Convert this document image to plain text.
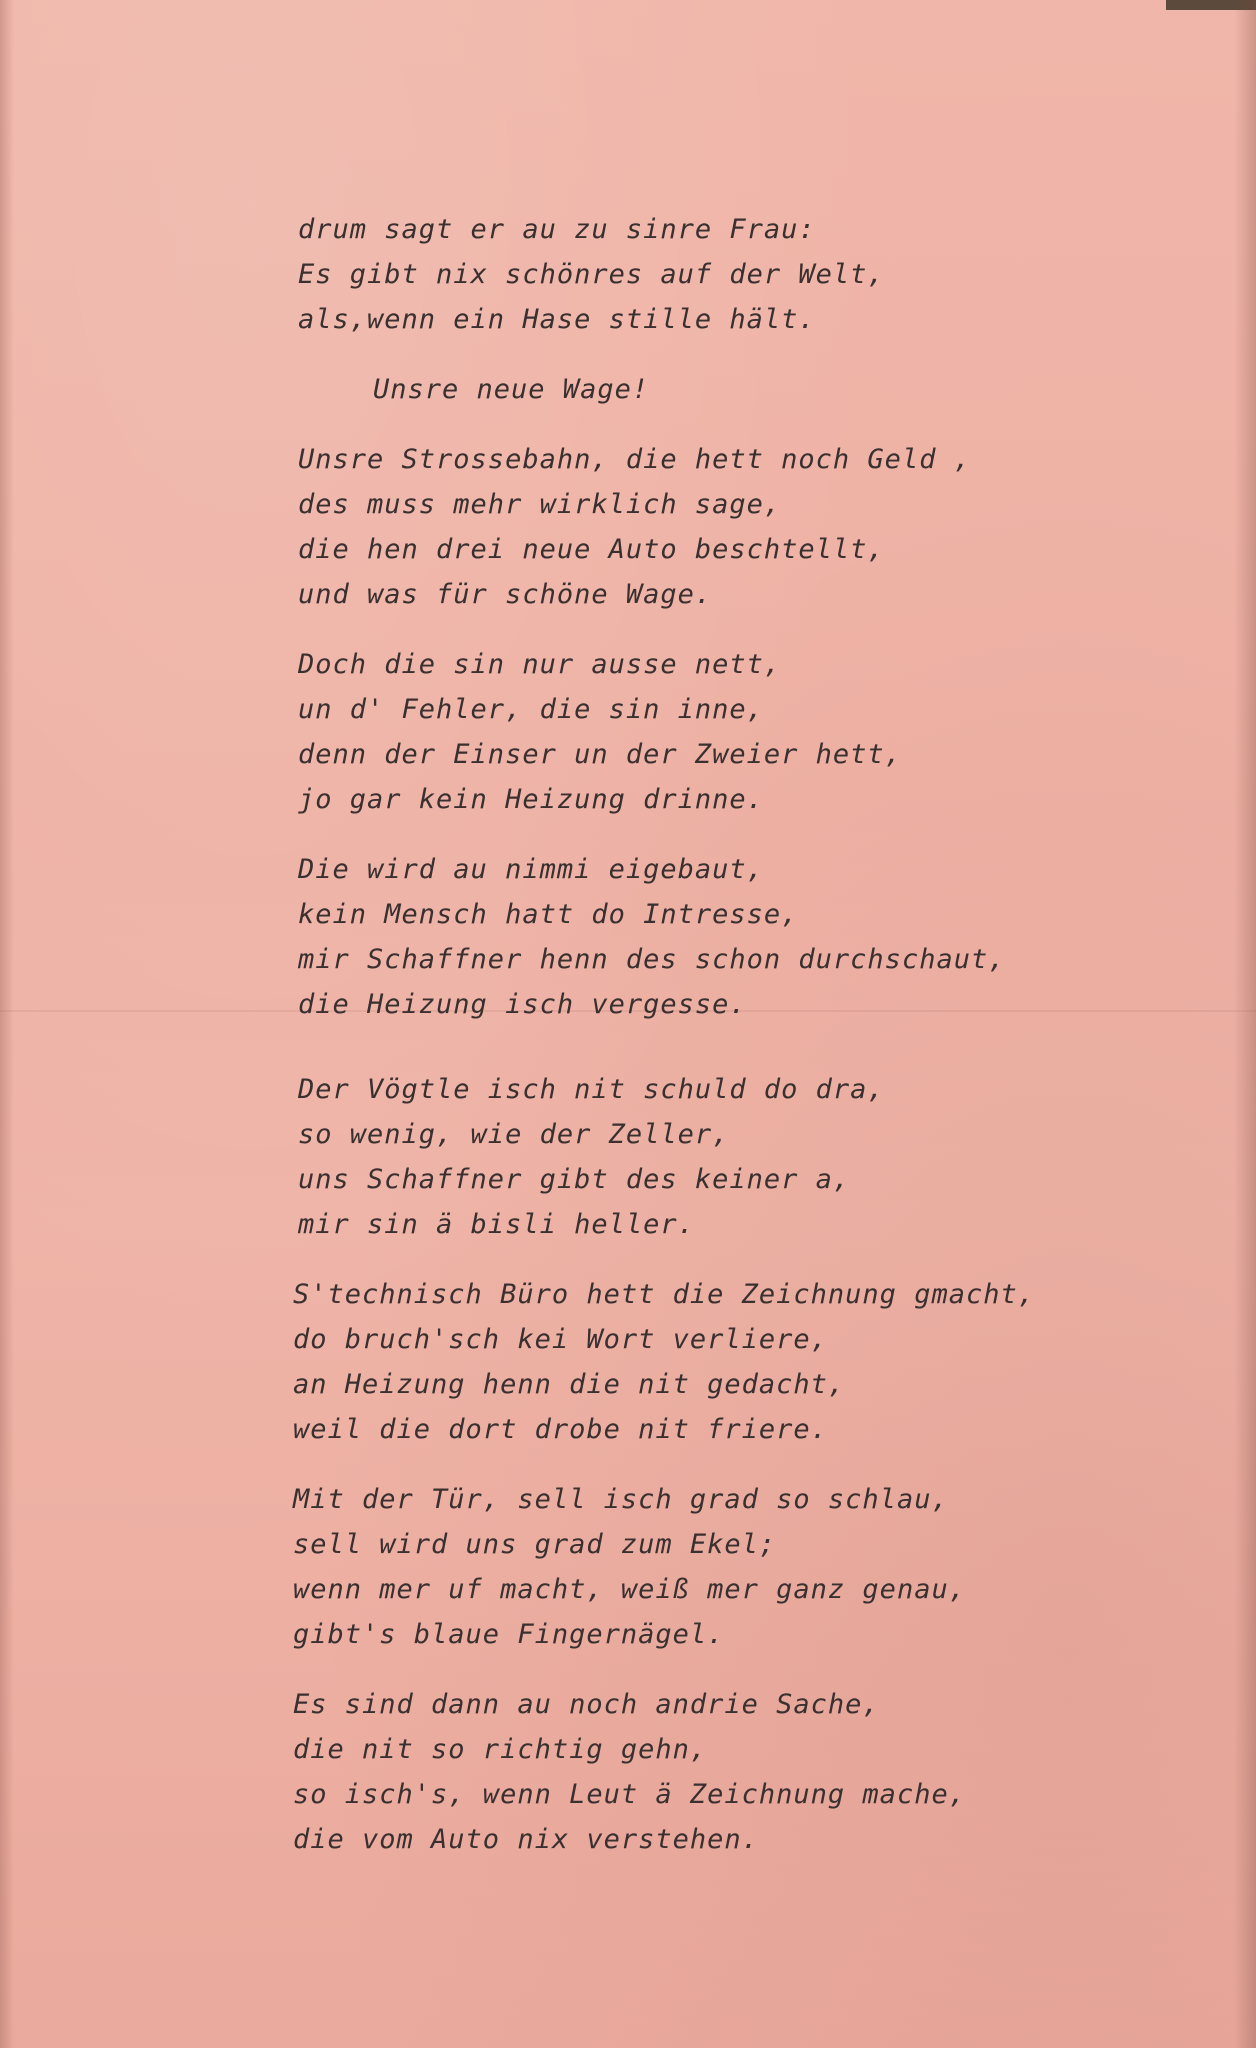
drum sagt er au zu sinre Frau:
Es gibt nix schönres auf der Welt,
als,wenn ein Hase stille hält.
Unsre neue Wage!
Unsre Strossebahn, die hett noch Geld ,
des muss mehr wirklich sage,
die hen drei neue Auto beschtellt,
und was für schöne Wage.
Doch die sin nur ausse nett,
un d' Fehler, die sin inne,
denn der Einser un der Zweier hett,
jo gar kein Heizung drinne.
Die wird au nimmi eigebaut,
kein Mensch hatt do Intresse,
mir Schaffner henn des schon durchschaut,
die Heizung isch vergesse.
Der Vögtle isch nit schuld do dra,
so wenig, wie der Zeller,
uns Schaffner gibt des keiner a,
mir sin ä bisli heller.
S'technisch Büro hett die Zeichnung gmacht,
do bruch'sch kei Wort verliere,
an Heizung henn die nit gedacht,
weil die dort drobe nit friere.
Mit der Tür, sell isch grad so schlau,
sell wird uns grad zum Ekel;
wenn mer uf macht, weiß mer ganz genau,
gibt's blaue Fingernägel.
Es sind dann au noch andrie Sache,
die nit so richtig gehn,
so isch's, wenn Leut ä Zeichnung mache,
die vom Auto nix verstehen.
